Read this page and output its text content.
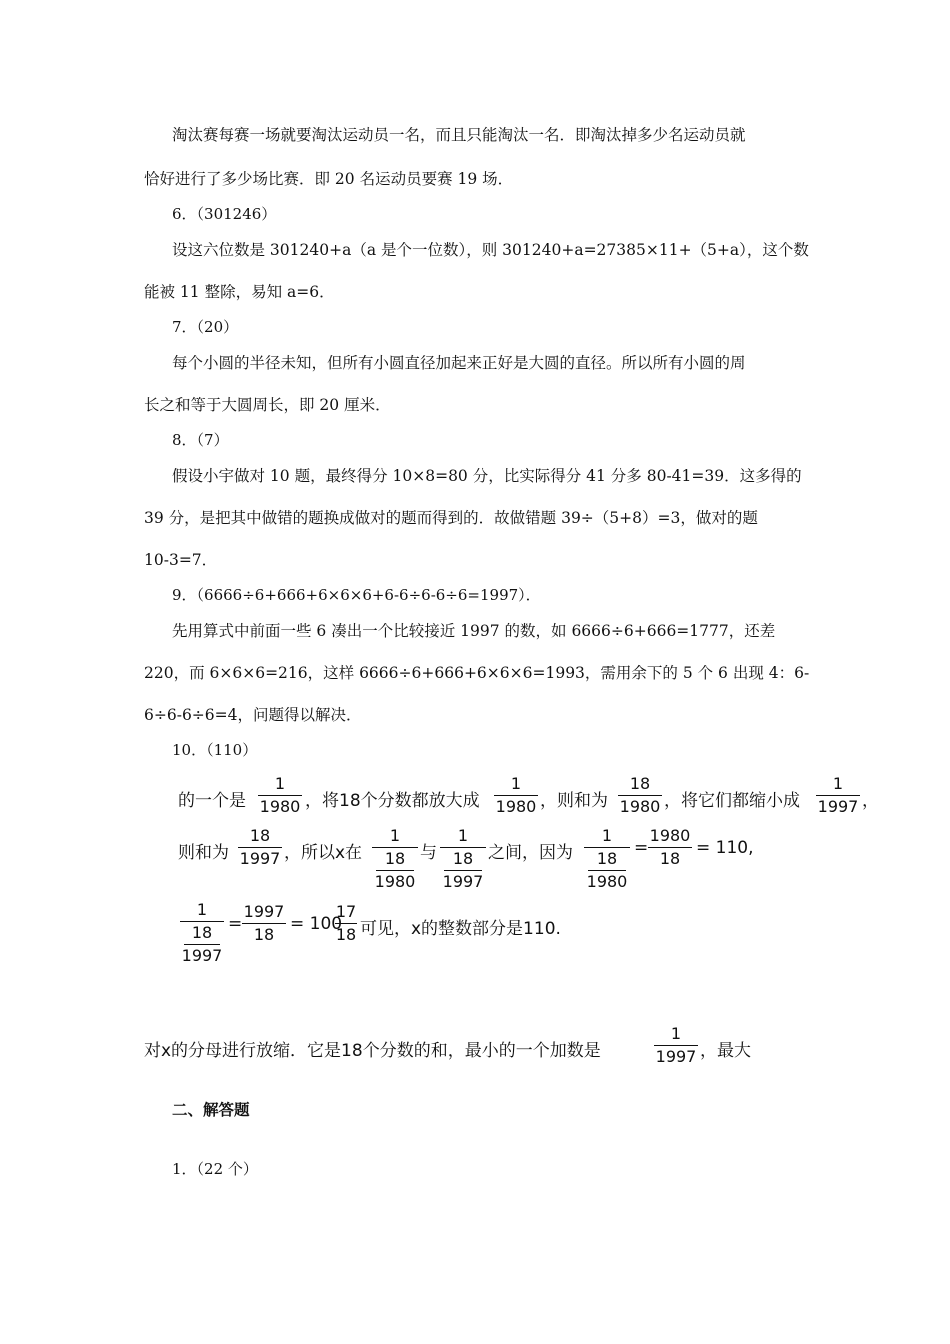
淘汰赛每赛一场就要淘汰运动员一名，而且只能淘汰一名．即淘汰掉多少名运动员就
恰好进行了多少场比赛．即 20 名运动员要赛 19 场．
6．（301246）
设这六位数是 301240+a（a 是个一位数），则 301240+a=27385×11+（5+a），这个数
能被 11 整除，易知 a=6．
7．（20）
每个小圆的半径未知，但所有小圆直径加起来正好是大圆的直径。所以所有小圆的周
长之和等于大圆周长，即 20 厘米．
8．（7）
假设小宇做对 10 题，最终得分 10×8=80 分，比实际得分 41 分多 80-41=39．这多得的
39 分，是把其中做错的题换成做对的题而得到的．故做错题 39÷（5+8）=3，做对的题
10-3=7．
9．（6666÷6+666+6×6×6+6-6÷6-6÷6=1997）．
先用算式中前面一些 6 凑出一个比较接近 1997 的数，如 6666÷6+666=1777，还差
220，而 6×6×6=216，这样 6666÷6+666+6×6×6=1993，需用余下的 5 个 6 出现 4：6-
6÷6-6÷6=4，问题得以解决．
10．（110）
的一个是
1
1980 ，将18个分数都放大成
1
1980 ，则和为
18
1980 ，将它们都缩小成
1
1997 ，
则和为
18
1997 ，所以x在
1
18
1980
与
1
18
1997
之间，因为
1
18
1980
=
1980
18
= 110,
1
18
1997
=
1997
18
= 100
17
18 可见，x的整数部分是110.
对x的分母进行放缩．它是18个分数的和，最小的一个加数是
1
1997 ，最大
二、解答题
1．（22 个）
